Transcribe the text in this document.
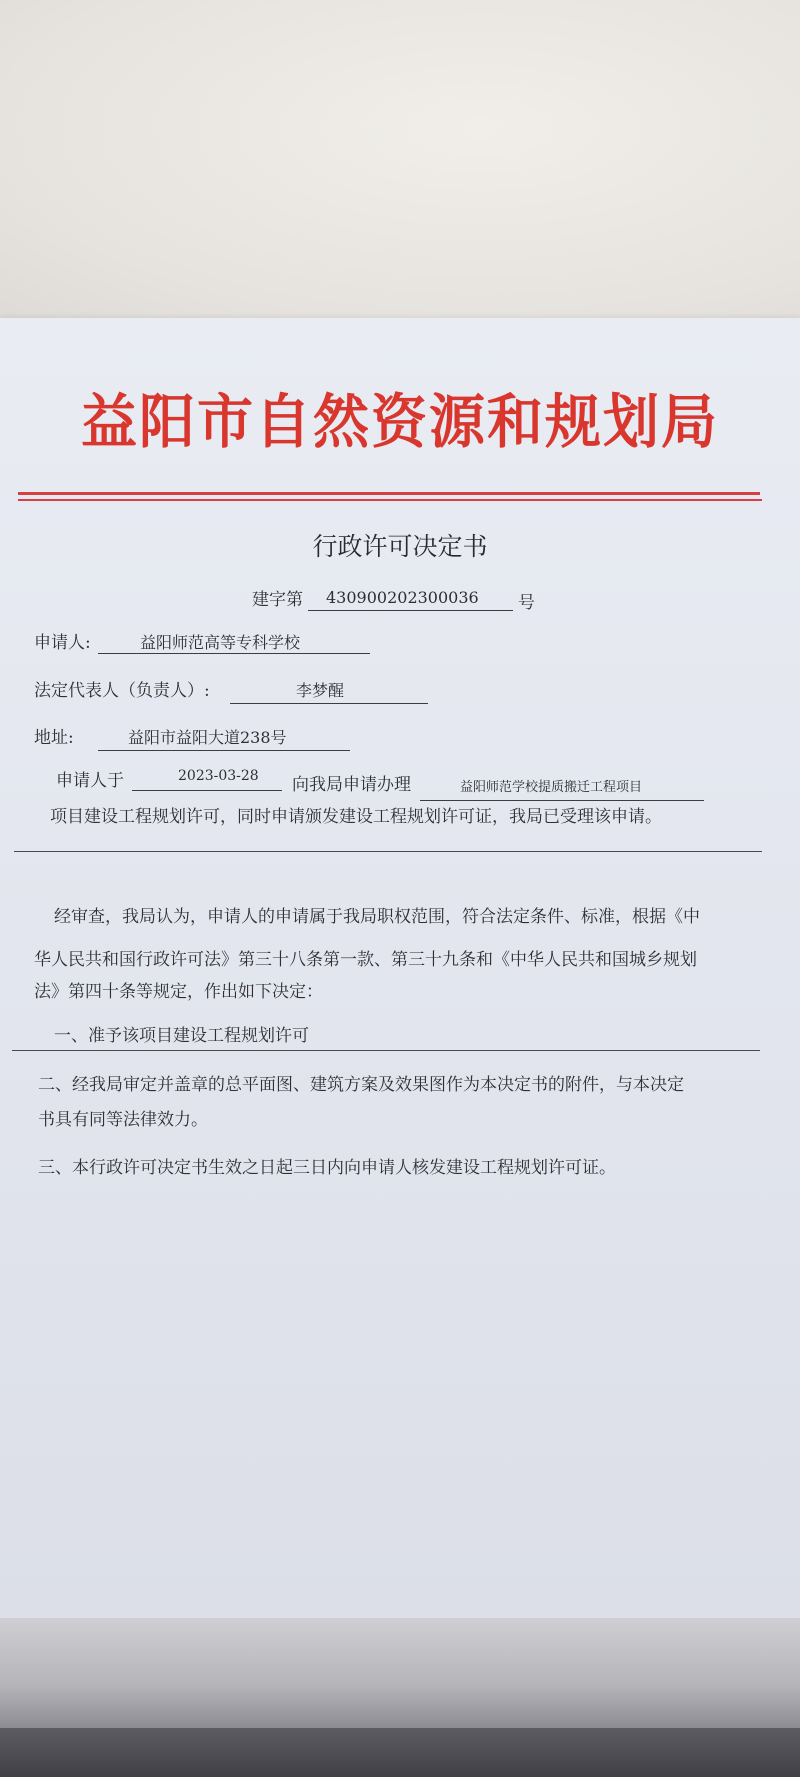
益阳市自然资源和规划局
行政许可决定书
建字第 430900202300036 号
申请人:	益阳师范高等专科学校
法定代表人（负责人）:	李梦醒
地址:	益阳市益阳大道238号
申请人于	2023-03-28 向我局申请办理	益阳师范学校提质搬迁工程项目
项目建设工程规划许可，同时申请颁发建设工程规划许可证，我局已受理该申请。
经审查，我局认为，申请人的申请属于我局职权范围，符合法定条件、标准，根据《中
华人民共和国行政许可法》第三十八条第一款、第三十九条和《中华人民共和国城乡规划
法》第四十条等规定，作出如下决定：
一、准予该项目建设工程规划许可
二、经我局审定并盖章的总平面图、建筑方案及效果图作为本决定书的附件，与本决定
书具有同等法律效力。
三、本行政许可决定书生效之日起三日内向申请人核发建设工程规划许可证。
